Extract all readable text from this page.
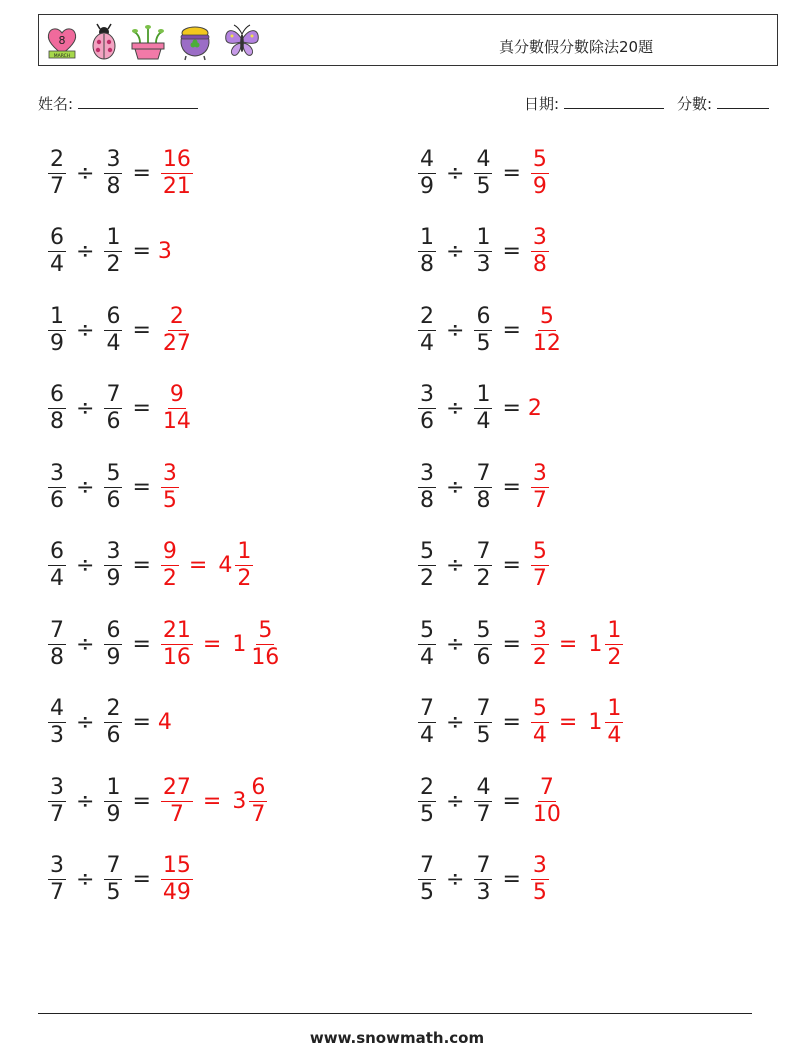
8
MARCH
真分數假分數除法20題
姓名:	日期:	分數:
$\frac{2}{7} \div \frac{3}{8} = \frac{16}{21}$	$\frac{4}{9} \div \frac{4}{5} = \frac{5}{9}$
$\frac{6}{4} \div \frac{1}{2} = 3$	$\frac{1}{8} \div \frac{1}{3} = \frac{3}{8}$
$\frac{1}{9} \div \frac{6}{4} = \frac{2}{27}$	$\frac{2}{4} \div \frac{6}{5} = \frac{5}{12}$
$\frac{6}{8} \div \frac{7}{6} = \frac{9}{14}$	$\frac{3}{6} \div \frac{1}{4} = 2$
$\frac{3}{6} \div \frac{5}{6} = \frac{3}{5}$	$\frac{3}{8} \div \frac{7}{8} = \frac{3}{7}$
$\frac{6}{4} \div \frac{3}{9} = \frac{9}{2} = 4 \frac{1}{2}$	$\frac{5}{2} \div \frac{7}{2} = \frac{5}{7}$
$\frac{7}{8} \div \frac{6}{9} = \frac{21}{16} = 1 \frac{5}{16}$	$\frac{5}{4} \div \frac{5}{6} = \frac{3}{2} = 1 \frac{1}{2}$
$\frac{4}{3} \div \frac{2}{6} = 4$	$\frac{7}{4} \div \frac{7}{5} = \frac{5}{4} = 1 \frac{1}{4}$
$\frac{3}{7} \div \frac{1}{9} = \frac{27}{7} = 3 \frac{6}{7}$	$\frac{2}{5} \div \frac{4}{7} = \frac{7}{10}$
$\frac{3}{7} \div \frac{7}{5} = \frac{15}{49}$	$\frac{7}{5} \div \frac{7}{3} = \frac{3}{5}$
www.snowmath.com
